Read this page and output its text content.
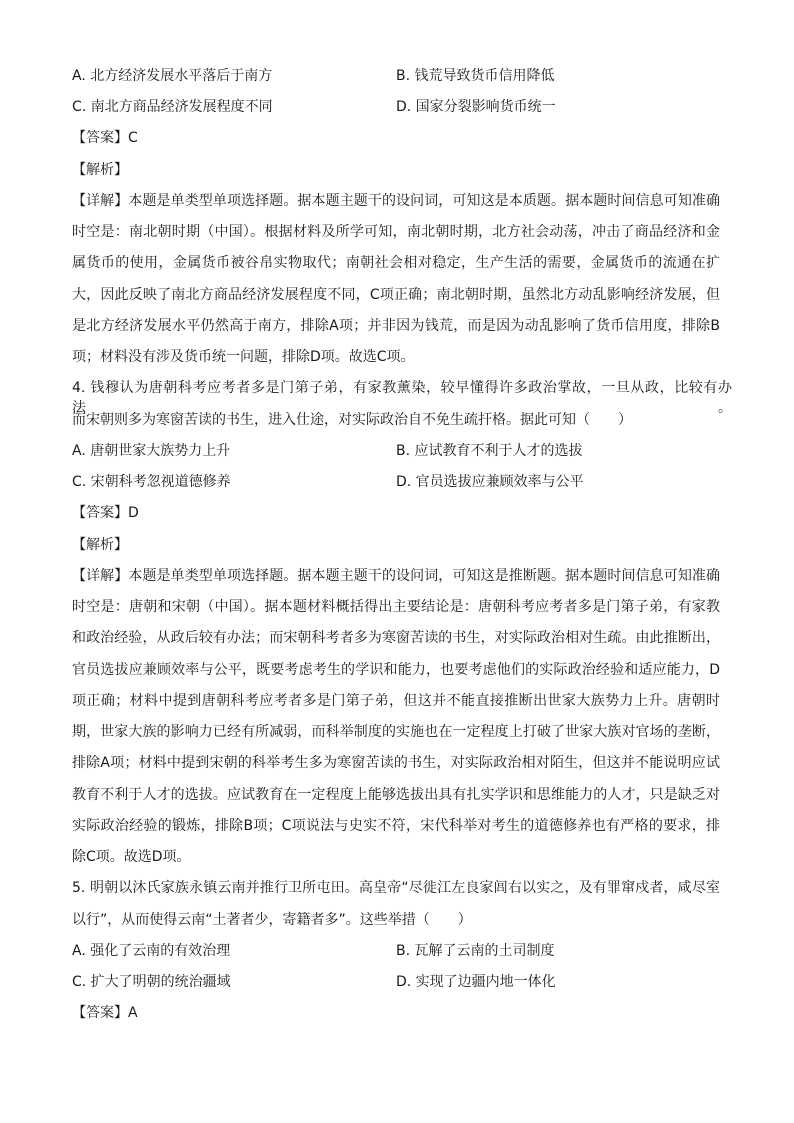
A. 北方经济发展水平落后于南方	B. 钱荒导致货币信用降低
C. 南北方商品经济发展程度不同	D. 国家分裂影响货币统一
【答案】C
【解析】
【详解】本题是单类型单项选择题。据本题主题干的设问词，可知这是本质题。据本题时间信息可知准确
时空是：南北朝时期（中国）。根据材料及所学可知，南北朝时期，北方社会动荡，冲击了商品经济和金
属货币的使用，金属货币被谷帛实物取代；南朝社会相对稳定，生产生活的需要，金属货币的流通在扩
大，因此反映了南北方商品经济发展程度不同，C项正确；南北朝时期，虽然北方动乱影响经济发展，但
是北方经济发展水平仍然高于南方，排除A项；并非因为钱荒，而是因为动乱影响了货币信用度，排除B
项；材料没有涉及货币统一问题，排除D项。故选C项。
4. 钱穆认为唐朝科考应考者多是门第子弟，有家教薰染，较早懂得许多政治掌故，一旦从政，比较有办法。
而宋朝则多为寒窗苦读的书生，进入仕途，对实际政治自不免生疏扞格。据此可知（　　）
A. 唐朝世家大族势力上升	B. 应试教育不利于人才的选拔
C. 宋朝科考忽视道德修养	D. 官员选拔应兼顾效率与公平
【答案】D
【解析】
【详解】本题是单类型单项选择题。据本题主题干的设问词，可知这是推断题。据本题时间信息可知准确
时空是：唐朝和宋朝（中国）。据本题材料概括得出主要结论是：唐朝科考应考者多是门第子弟，有家教
和政治经验，从政后较有办法；而宋朝科考者多为寒窗苦读的书生，对实际政治相对生疏。由此推断出，
官员选拔应兼顾效率与公平，既要考虑考生的学识和能力，也要考虑他们的实际政治经验和适应能力，D
项正确；材料中提到唐朝科考应考者多是门第子弟，但这并不能直接推断出世家大族势力上升。唐朝时
期，世家大族的影响力已经有所减弱，而科举制度的实施也在一定程度上打破了世家大族对官场的垄断，
排除A项；材料中提到宋朝的科举考生多为寒窗苦读的书生，对实际政治相对陌生，但这并不能说明应试
教育不利于人才的选拔。应试教育在一定程度上能够选拔出具有扎实学识和思维能力的人才，只是缺乏对
实际政治经验的锻炼，排除B项；C项说法与史实不符，宋代科举对考生的道德修养也有严格的要求，排
除C项。故选D项。
5. 明朝以沐氏家族永镇云南并推行卫所屯田。高皇帝“尽徙江左良家闾右以实之，及有罪窜戍者，咸尽室
以行”，从而使得云南“土著者少，寄籍者多”。这些举措（　　）
A. 强化了云南的有效治理	B. 瓦解了云南的土司制度
C. 扩大了明朝的统治疆域	D. 实现了边疆内地一体化
【答案】A
